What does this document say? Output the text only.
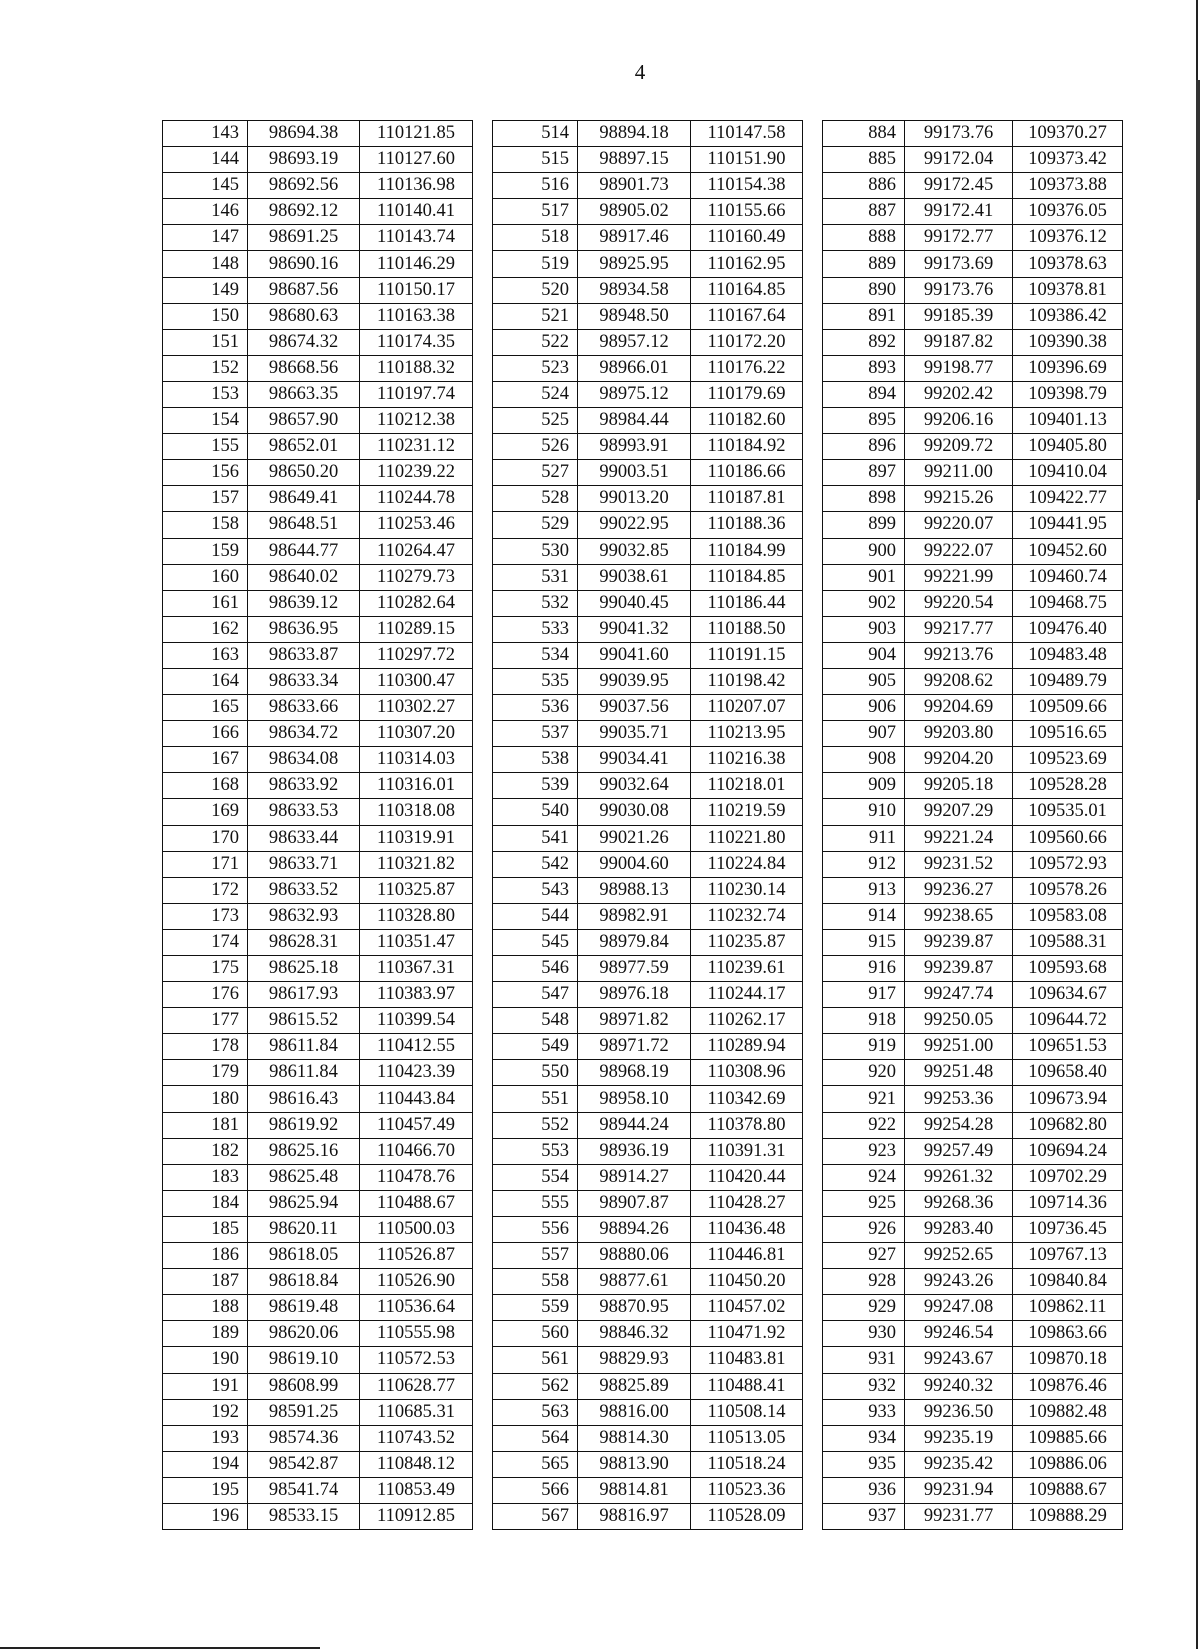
4
143	98694.38	110121.85
144	98693.19	110127.60
145	98692.56	110136.98
146	98692.12	110140.41
147	98691.25	110143.74
148	98690.16	110146.29
149	98687.56	110150.17
150	98680.63	110163.38
151	98674.32	110174.35
152	98668.56	110188.32
153	98663.35	110197.74
154	98657.90	110212.38
155	98652.01	110231.12
156	98650.20	110239.22
157	98649.41	110244.78
158	98648.51	110253.46
159	98644.77	110264.47
160	98640.02	110279.73
161	98639.12	110282.64
162	98636.95	110289.15
163	98633.87	110297.72
164	98633.34	110300.47
165	98633.66	110302.27
166	98634.72	110307.20
167	98634.08	110314.03
168	98633.92	110316.01
169	98633.53	110318.08
170	98633.44	110319.91
171	98633.71	110321.82
172	98633.52	110325.87
173	98632.93	110328.80
174	98628.31	110351.47
175	98625.18	110367.31
176	98617.93	110383.97
177	98615.52	110399.54
178	98611.84	110412.55
179	98611.84	110423.39
180	98616.43	110443.84
181	98619.92	110457.49
182	98625.16	110466.70
183	98625.48	110478.76
184	98625.94	110488.67
185	98620.11	110500.03
186	98618.05	110526.87
187	98618.84	110526.90
188	98619.48	110536.64
189	98620.06	110555.98
190	98619.10	110572.53
191	98608.99	110628.77
192	98591.25	110685.31
193	98574.36	110743.52
194	98542.87	110848.12
195	98541.74	110853.49
196	98533.15	110912.85
514	98894.18	110147.58
515	98897.15	110151.90
516	98901.73	110154.38
517	98905.02	110155.66
518	98917.46	110160.49
519	98925.95	110162.95
520	98934.58	110164.85
521	98948.50	110167.64
522	98957.12	110172.20
523	98966.01	110176.22
524	98975.12	110179.69
525	98984.44	110182.60
526	98993.91	110184.92
527	99003.51	110186.66
528	99013.20	110187.81
529	99022.95	110188.36
530	99032.85	110184.99
531	99038.61	110184.85
532	99040.45	110186.44
533	99041.32	110188.50
534	99041.60	110191.15
535	99039.95	110198.42
536	99037.56	110207.07
537	99035.71	110213.95
538	99034.41	110216.38
539	99032.64	110218.01
540	99030.08	110219.59
541	99021.26	110221.80
542	99004.60	110224.84
543	98988.13	110230.14
544	98982.91	110232.74
545	98979.84	110235.87
546	98977.59	110239.61
547	98976.18	110244.17
548	98971.82	110262.17
549	98971.72	110289.94
550	98968.19	110308.96
551	98958.10	110342.69
552	98944.24	110378.80
553	98936.19	110391.31
554	98914.27	110420.44
555	98907.87	110428.27
556	98894.26	110436.48
557	98880.06	110446.81
558	98877.61	110450.20
559	98870.95	110457.02
560	98846.32	110471.92
561	98829.93	110483.81
562	98825.89	110488.41
563	98816.00	110508.14
564	98814.30	110513.05
565	98813.90	110518.24
566	98814.81	110523.36
567	98816.97	110528.09
884	99173.76	109370.27
885	99172.04	109373.42
886	99172.45	109373.88
887	99172.41	109376.05
888	99172.77	109376.12
889	99173.69	109378.63
890	99173.76	109378.81
891	99185.39	109386.42
892	99187.82	109390.38
893	99198.77	109396.69
894	99202.42	109398.79
895	99206.16	109401.13
896	99209.72	109405.80
897	99211.00	109410.04
898	99215.26	109422.77
899	99220.07	109441.95
900	99222.07	109452.60
901	99221.99	109460.74
902	99220.54	109468.75
903	99217.77	109476.40
904	99213.76	109483.48
905	99208.62	109489.79
906	99204.69	109509.66
907	99203.80	109516.65
908	99204.20	109523.69
909	99205.18	109528.28
910	99207.29	109535.01
911	99221.24	109560.66
912	99231.52	109572.93
913	99236.27	109578.26
914	99238.65	109583.08
915	99239.87	109588.31
916	99239.87	109593.68
917	99247.74	109634.67
918	99250.05	109644.72
919	99251.00	109651.53
920	99251.48	109658.40
921	99253.36	109673.94
922	99254.28	109682.80
923	99257.49	109694.24
924	99261.32	109702.29
925	99268.36	109714.36
926	99283.40	109736.45
927	99252.65	109767.13
928	99243.26	109840.84
929	99247.08	109862.11
930	99246.54	109863.66
931	99243.67	109870.18
932	99240.32	109876.46
933	99236.50	109882.48
934	99235.19	109885.66
935	99235.42	109886.06
936	99231.94	109888.67
937	99231.77	109888.29
